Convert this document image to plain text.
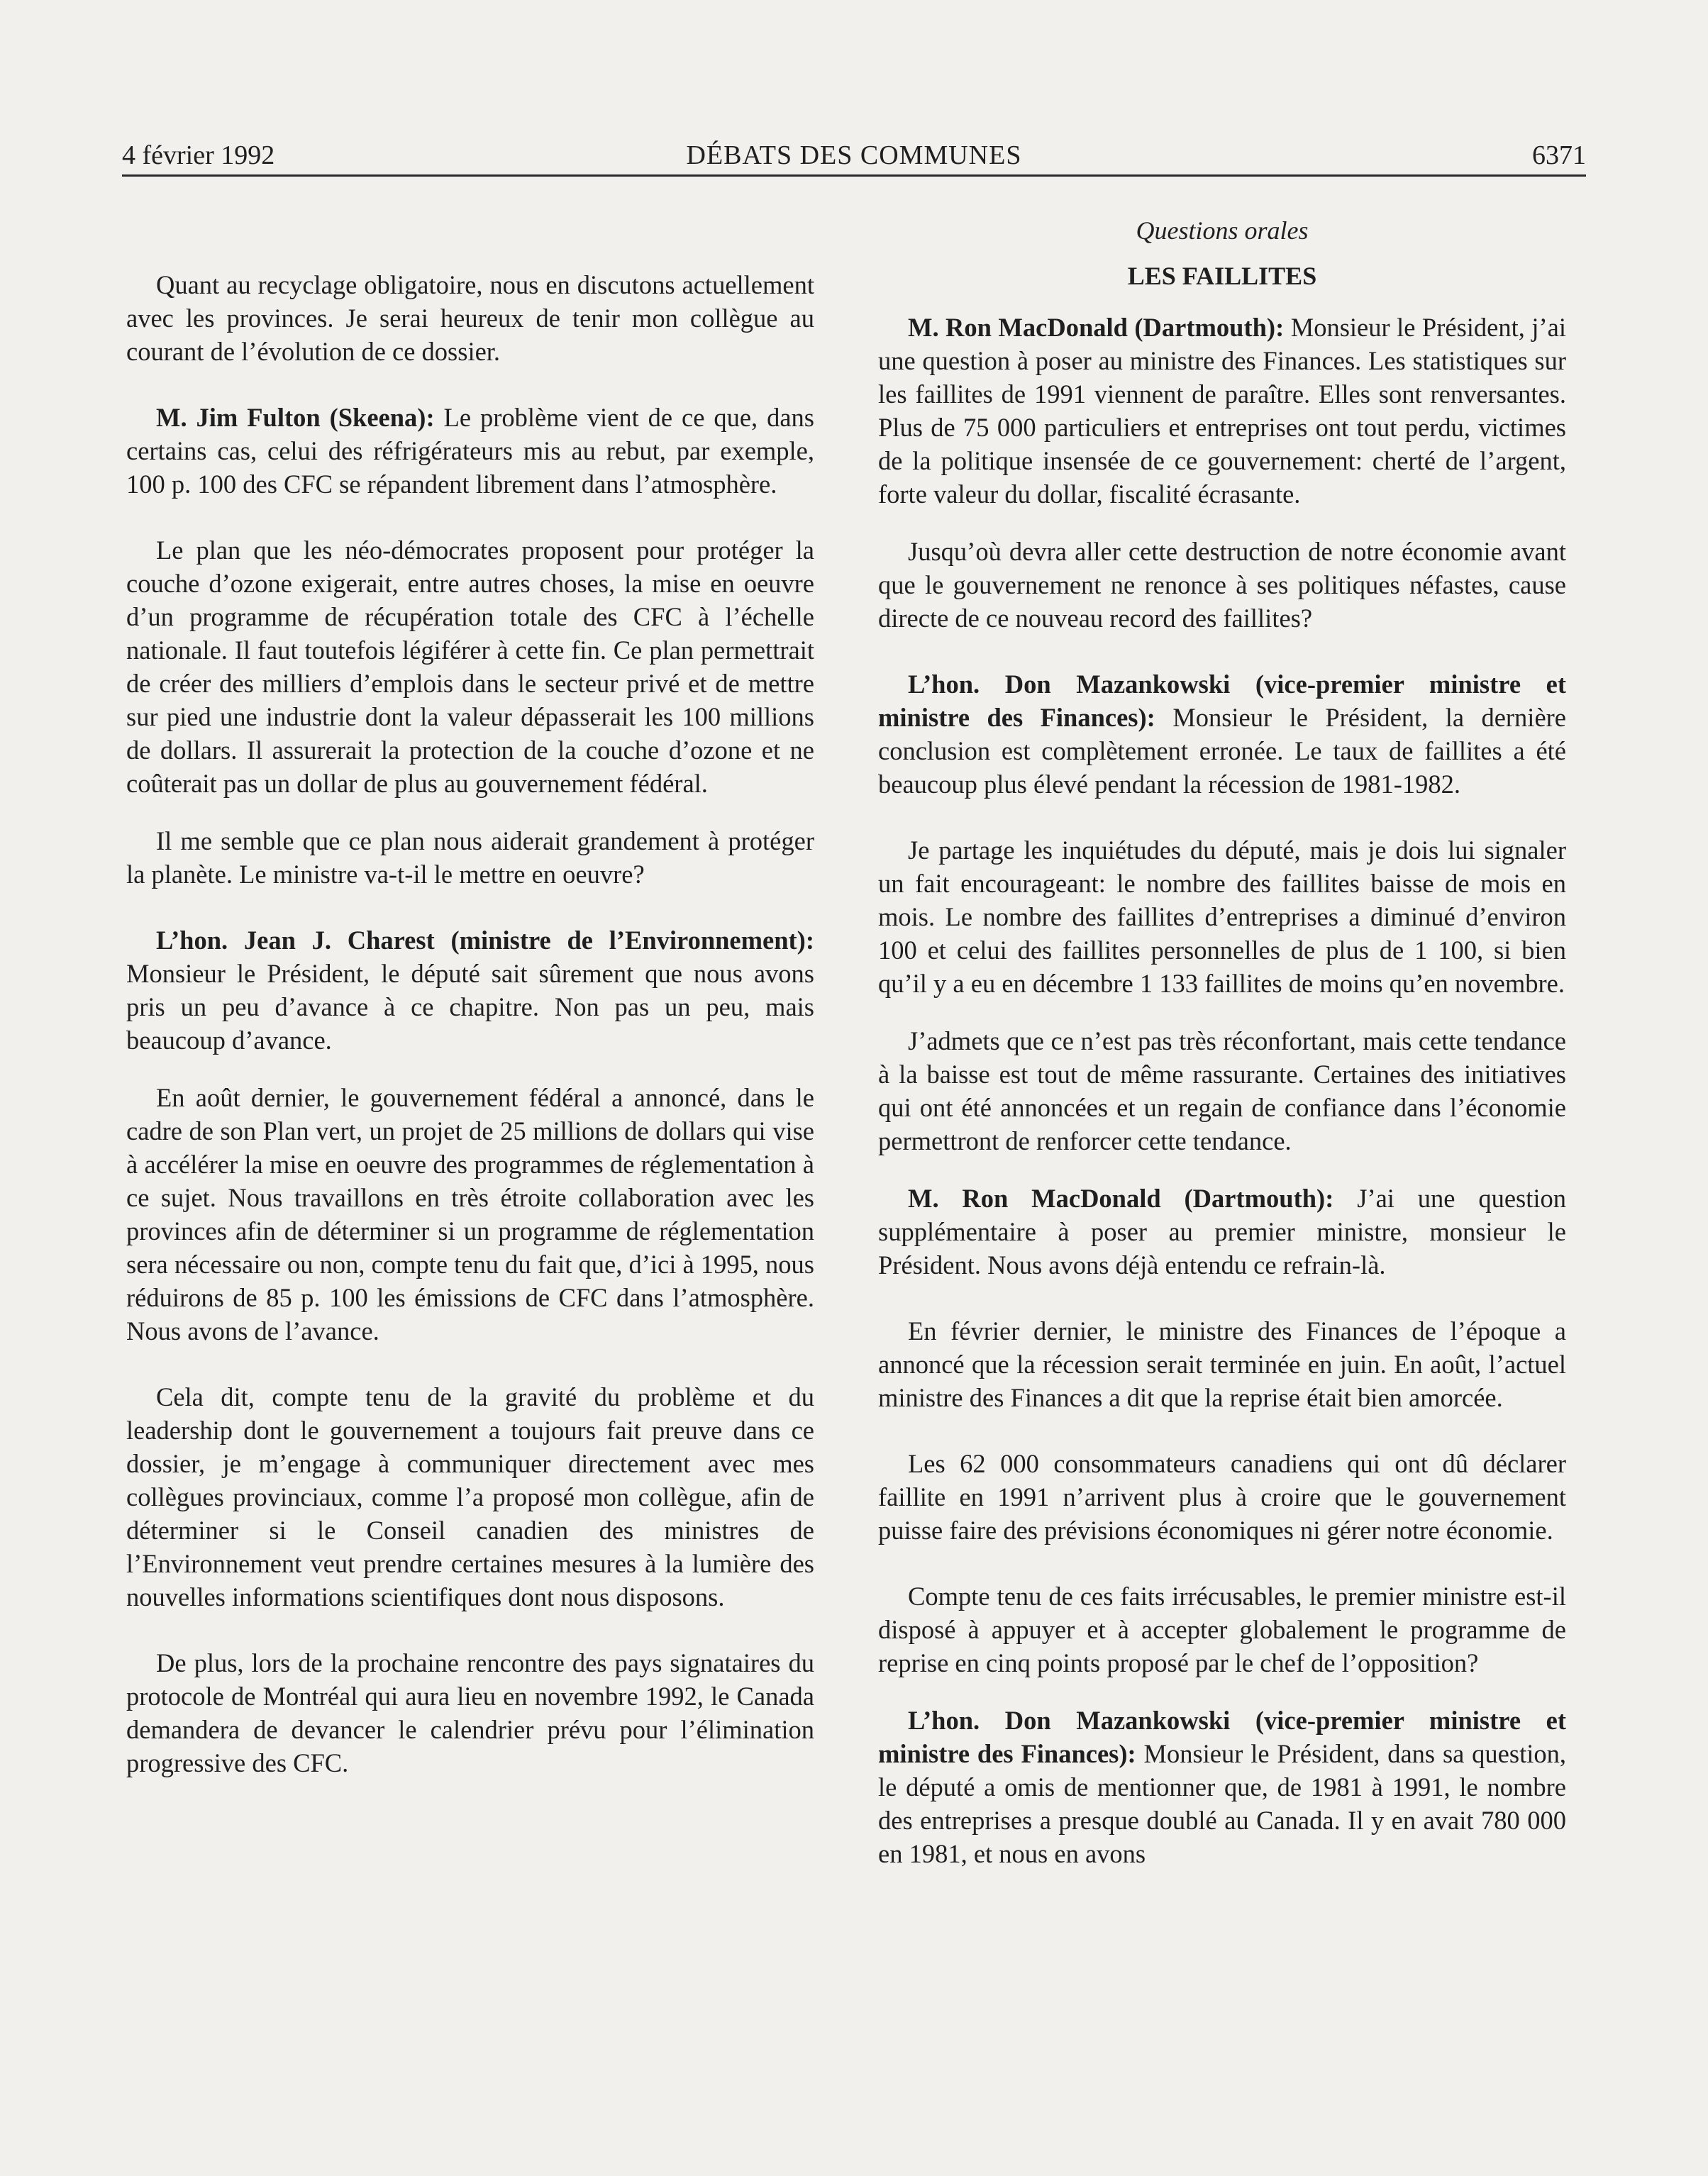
4 février 1992	DÉBATS DES COMMUNES	6371

Quant au recyclage obligatoire, nous en discutons actuellement avec les provinces. Je serai heureux de tenir mon collègue au courant de l’évolution de ce dossier.

M. Jim Fulton (Skeena): Le problème vient de ce que, dans certains cas, celui des réfrigérateurs mis au rebut, par exemple, 100 p. 100 des CFC se répandent librement dans l’atmosphère.

Le plan que les néo-démocrates proposent pour protéger la couche d’ozone exigerait, entre autres choses, la mise en oeuvre d’un programme de récupération totale des CFC à l’échelle nationale. Il faut toutefois légiférer à cette fin. Ce plan permettrait de créer des milliers d’emplois dans le secteur privé et de mettre sur pied une industrie dont la valeur dépasserait les 100 millions de dollars. Il assurerait la protection de la couche d’ozone et ne coûterait pas un dollar de plus au gouvernement fédéral.

Il me semble que ce plan nous aiderait grandement à protéger la planète. Le ministre va-t-il le mettre en oeuvre?

L’hon. Jean J. Charest (ministre de l’Environnement): Monsieur le Président, le député sait sûrement que nous avons pris un peu d’avance à ce chapitre. Non pas un peu, mais beaucoup d’avance.

En août dernier, le gouvernement fédéral a annoncé, dans le cadre de son Plan vert, un projet de 25 millions de dollars qui vise à accélérer la mise en oeuvre des programmes de réglementation à ce sujet. Nous travaillons en très étroite collaboration avec les provinces afin de déterminer si un programme de réglementation sera nécessaire ou non, compte tenu du fait que, d’ici à 1995, nous réduirons de 85 p. 100 les émissions de CFC dans l’atmosphère. Nous avons de l’avance.

Cela dit, compte tenu de la gravité du problème et du leadership dont le gouvernement a toujours fait preuve dans ce dossier, je m’engage à communiquer directement avec mes collègues provinciaux, comme l’a proposé mon collègue, afin de déterminer si le Conseil canadien des ministres de l’Environnement veut prendre certaines mesures à la lumière des nouvelles informations scientifiques dont nous disposons.

De plus, lors de la prochaine rencontre des pays signataires du protocole de Montréal qui aura lieu en novembre 1992, le Canada demandera de devancer le calendrier prévu pour l’élimination progressive des CFC.

Questions orales

LES FAILLITES

M. Ron MacDonald (Dartmouth): Monsieur le Président, j’ai une question à poser au ministre des Finances. Les statistiques sur les faillites de 1991 viennent de paraître. Elles sont renversantes. Plus de 75 000 particuliers et entreprises ont tout perdu, victimes de la politique insensée de ce gouvernement: cherté de l’argent, forte valeur du dollar, fiscalité écrasante.

Jusqu’où devra aller cette destruction de notre économie avant que le gouvernement ne renonce à ses politiques néfastes, cause directe de ce nouveau record des faillites?

L’hon. Don Mazankowski (vice-premier ministre et ministre des Finances): Monsieur le Président, la dernière conclusion est complètement erronée. Le taux de faillites a été beaucoup plus élevé pendant la récession de 1981-1982.

Je partage les inquiétudes du député, mais je dois lui signaler un fait encourageant: le nombre des faillites baisse de mois en mois. Le nombre des faillites d’entreprises a diminué d’environ 100 et celui des faillites personnelles de plus de 1 100, si bien qu’il y a eu en décembre 1 133 faillites de moins qu’en novembre.

J’admets que ce n’est pas très réconfortant, mais cette tendance à la baisse est tout de même rassurante. Certaines des initiatives qui ont été annoncées et un regain de confiance dans l’économie permettront de renforcer cette tendance.

M. Ron MacDonald (Dartmouth): J’ai une question supplémentaire à poser au premier ministre, monsieur le Président. Nous avons déjà entendu ce refrain-là.

En février dernier, le ministre des Finances de l’époque a annoncé que la récession serait terminée en juin. En août, l’actuel ministre des Finances a dit que la reprise était bien amorcée.

Les 62 000 consommateurs canadiens qui ont dû déclarer faillite en 1991 n’arrivent plus à croire que le gouvernement puisse faire des prévisions économiques ni gérer notre économie.

Compte tenu de ces faits irrécusables, le premier ministre est-il disposé à appuyer et à accepter globalement le programme de reprise en cinq points proposé par le chef de l’opposition?

L’hon. Don Mazankowski (vice-premier ministre et ministre des Finances): Monsieur le Président, dans sa question, le député a omis de mentionner que, de 1981 à 1991, le nombre des entreprises a presque doublé au Canada. Il y en avait 780 000 en 1981, et nous en avons
